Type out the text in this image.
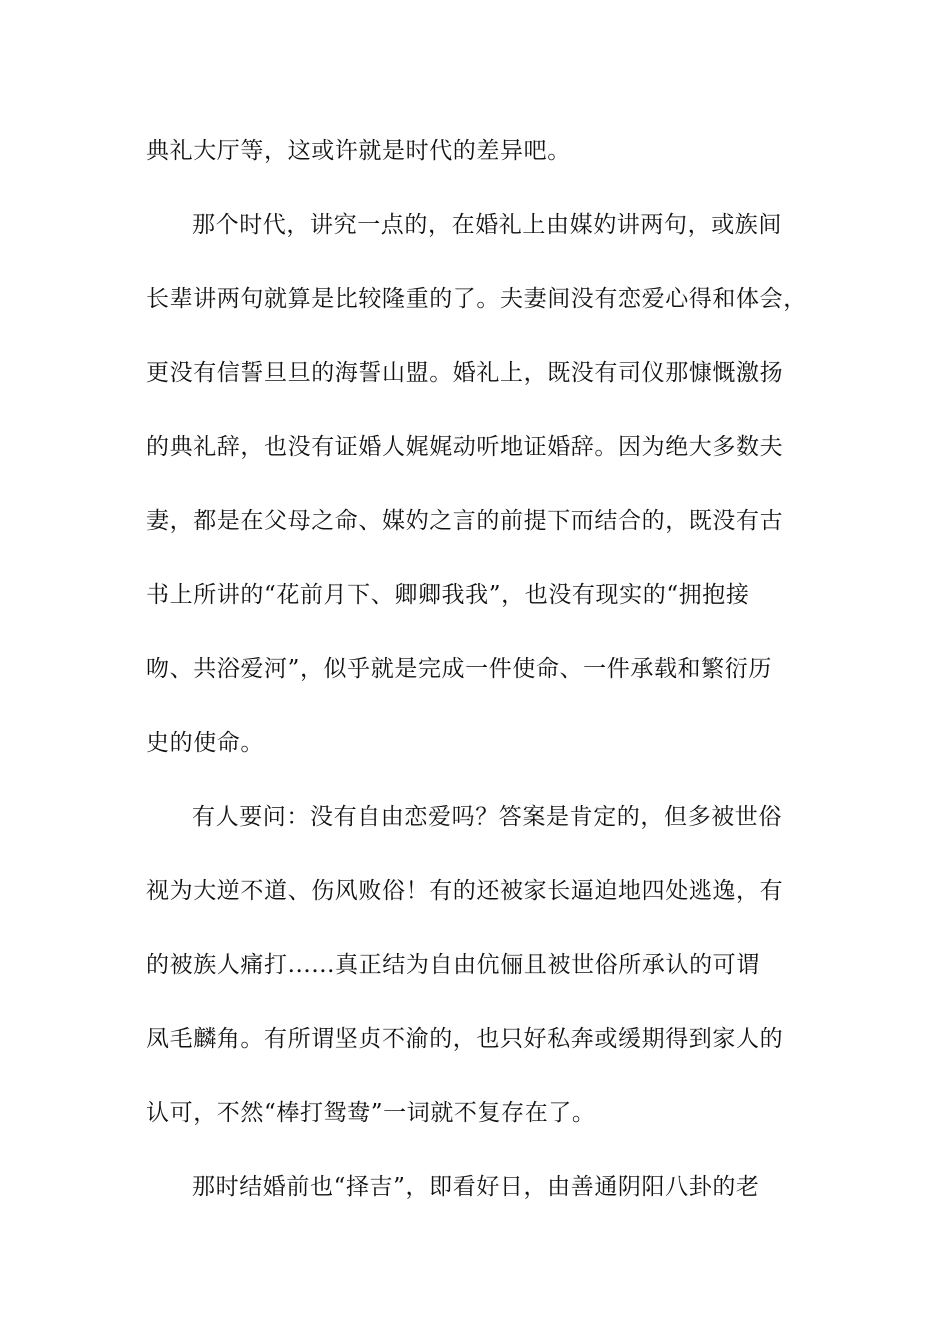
典礼大厅等，这或许就是时代的差异吧。
那个时代，讲究一点的，在婚礼上由媒妁讲两句，或族间
长辈讲两句就算是比较隆重的了。夫妻间没有恋爱心得和体会，
更没有信誓旦旦的海誓山盟。婚礼上，既没有司仪那慷慨激扬
的典礼辞，也没有证婚人娓娓动听地证婚辞。因为绝大多数夫
妻，都是在父母之命、媒妁之言的前提下而结合的，既没有古
书上所讲的“花前月下、卿卿我我”，也没有现实的“拥抱接
吻、共浴爱河”，似乎就是完成一件使命、一件承载和繁衍历
史的使命。
有人要问：没有自由恋爱吗？答案是肯定的，但多被世俗
视为大逆不道、伤风败俗！有的还被家长逼迫地四处逃逸，有
的被族人痛打......真正结为自由伉俪且被世俗所承认的可谓
凤毛麟角。有所谓坚贞不渝的，也只好私奔或缓期得到家人的
认可，不然“棒打鸳鸯”一词就不复存在了。
那时结婚前也“择吉”，即看好日，由善通阴阳八卦的老
